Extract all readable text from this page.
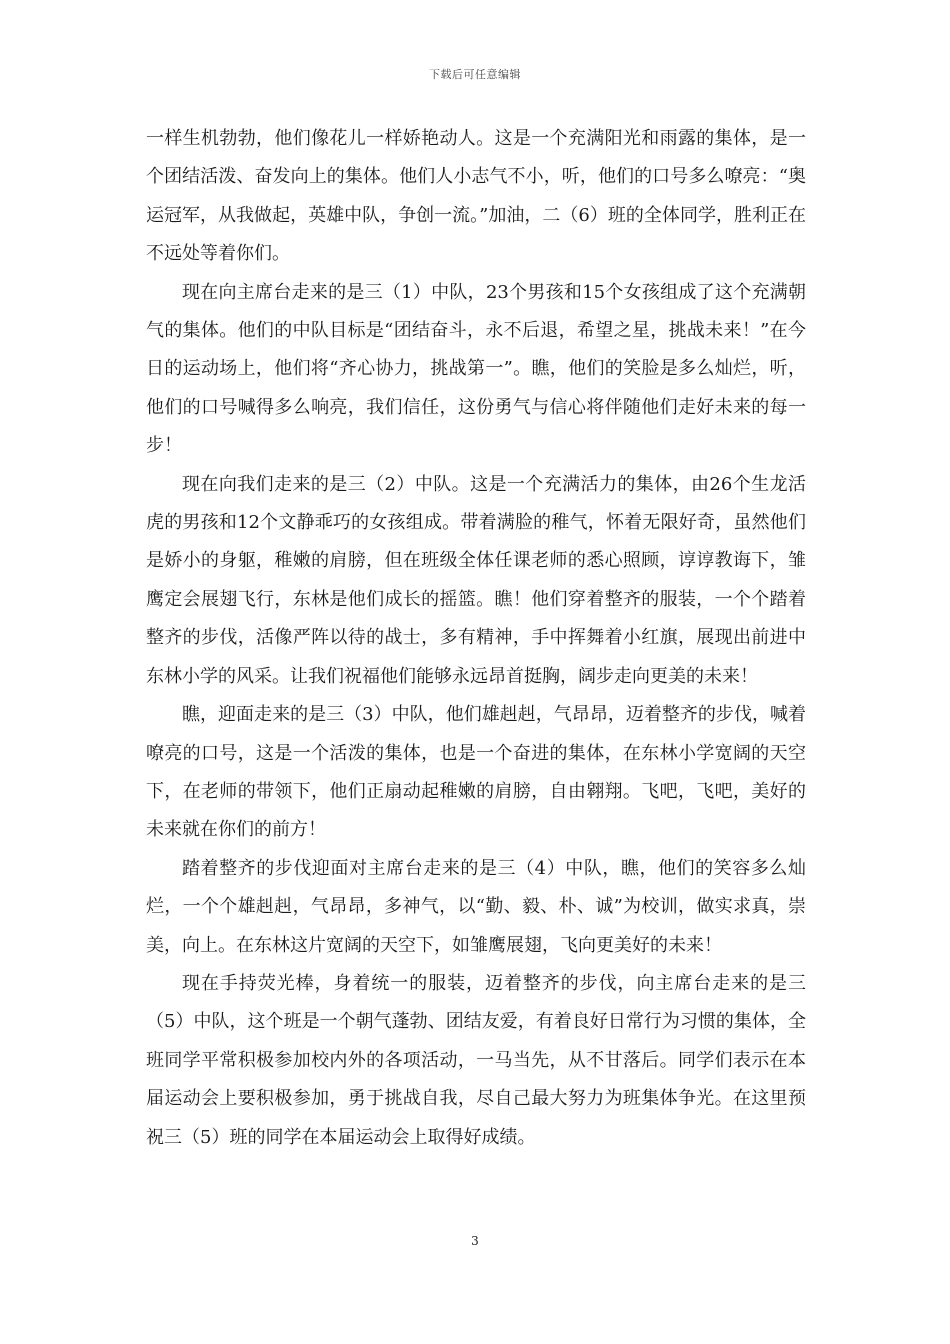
下载后可任意编辑

一样生机勃勃，他们像花儿一样娇艳动人。这是一个充满阳光和雨露的集体，是一个团结活泼、奋发向上的集体。他们人小志气不小，听，他们的口号多么嘹亮：“奥运冠军，从我做起，英雄中队，争创一流。”加油，二（6）班的全体同学，胜利正在不远处等着你们。

现在向主席台走来的是三（1）中队，23个男孩和15个女孩组成了这个充满朝气的集体。他们的中队目标是“团结奋斗，永不后退，希望之星，挑战未来！”在今日的运动场上，他们将“齐心协力，挑战第一”。瞧，他们的笑脸是多么灿烂，听，他们的口号喊得多么响亮，我们信任，这份勇气与信心将伴随他们走好未来的每一步！

现在向我们走来的是三（2）中队。这是一个充满活力的集体，由26个生龙活虎的男孩和12个文静乖巧的女孩组成。带着满脸的稚气，怀着无限好奇，虽然他们是娇小的身躯，稚嫩的肩膀，但在班级全体任课老师的悉心照顾，谆谆教诲下，雏鹰定会展翅飞行，东林是他们成长的摇篮。瞧！他们穿着整齐的服装，一个个踏着整齐的步伐，活像严阵以待的战士，多有精神，手中挥舞着小红旗，展现出前进中东林小学的风采。让我们祝福他们能够永远昂首挺胸，阔步走向更美的未来！

瞧，迎面走来的是三（3）中队，他们雄赳赳，气昂昂，迈着整齐的步伐，喊着嘹亮的口号，这是一个活泼的集体，也是一个奋进的集体，在东林小学宽阔的天空下，在老师的带领下，他们正扇动起稚嫩的肩膀，自由翱翔。飞吧，飞吧，美好的未来就在你们的前方！

踏着整齐的步伐迎面对主席台走来的是三（4）中队，瞧，他们的笑容多么灿烂，一个个雄赳赳，气昂昂，多神气，以“勤、毅、朴、诚”为校训，做实求真，崇美，向上。在东林这片宽阔的天空下，如雏鹰展翅，飞向更美好的未来！

现在手持荧光棒，身着统一的服装，迈着整齐的步伐，向主席台走来的是三（5）中队，这个班是一个朝气蓬勃、团结友爱，有着良好日常行为习惯的集体，全班同学平常积极参加校内外的各项活动，一马当先，从不甘落后。同学们表示在本届运动会上要积极参加，勇于挑战自我，尽自己最大努力为班集体争光。在这里预祝三（5）班的同学在本届运动会上取得好成绩。

3
